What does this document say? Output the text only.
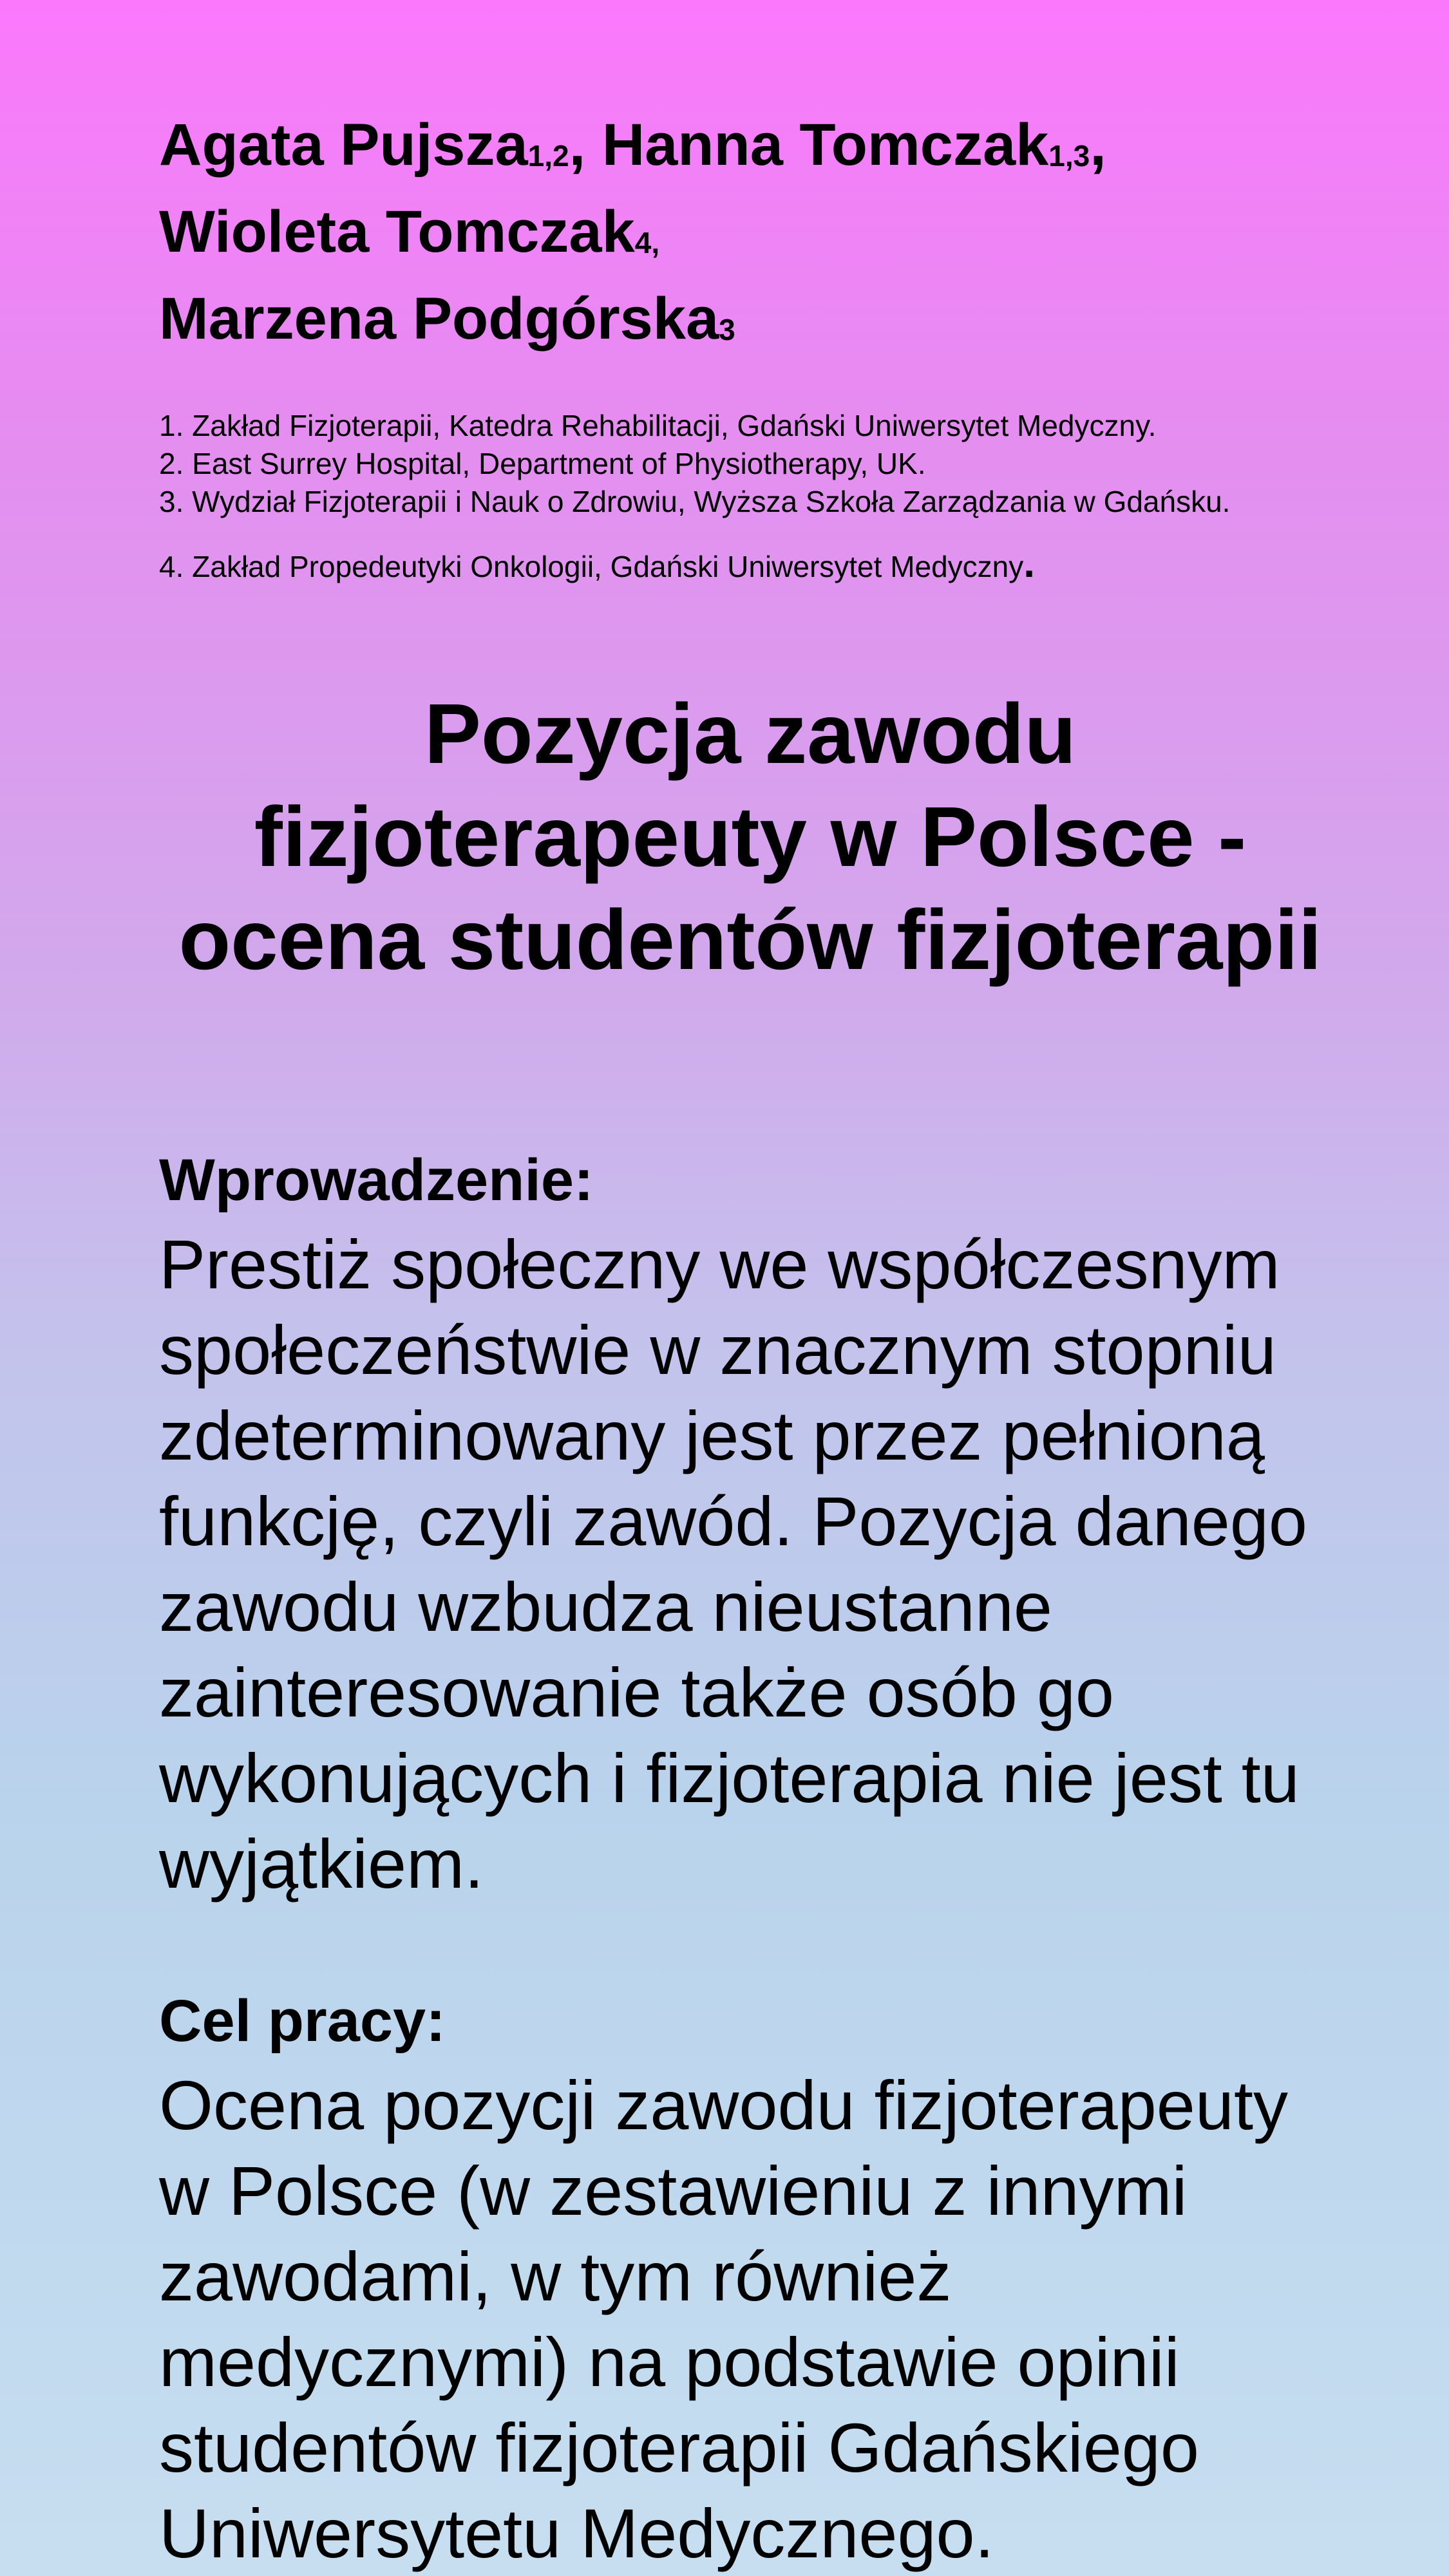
Agata Pujsza$_{1,2}$, Hanna Tomczak$_{1,3}$,
Wioleta Tomczak$_{4,}$
Marzena Podgórska$_3$
1. Zakład Fizjoterapii, Katedra Rehabilitacji, Gdański Uniwersytet Medyczny.
2. East Surrey Hospital, Department of Physiotherapy, UK.
3. Wydział Fizjoterapii i Nauk o Zdrowiu, Wyższa Szkoła Zarządzania w Gdańsku.
4. Zakład Propedeutyki Onkologii, Gdański Uniwersytet Medyczny.
Pozycja zawodu
fizjoterapeuty w Polsce -
ocena studentów fizjoterapii
Wprowadzenie:
Prestiż społeczny we współczesnym
społeczeństwie w znacznym stopniu
zdeterminowany jest przez pełnioną
funkcję, czyli zawód. Pozycja danego
zawodu wzbudza nieustanne
zainteresowanie także osób go
wykonujących i fizjoterapia nie jest tu
wyjątkiem.
Cel pracy:
Ocena pozycji zawodu fizjoterapeuty
w Polsce (w zestawieniu z innymi
zawodami, w tym również
medycznymi) na podstawie opinii
studentów fizjoterapii Gdańskiego
Uniwersytetu Medycznego.
